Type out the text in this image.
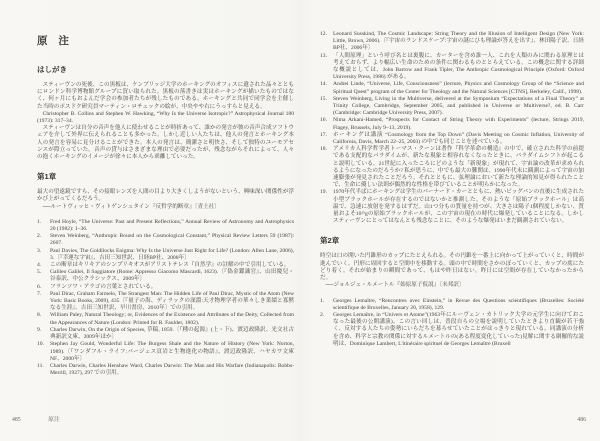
原 注
はしがき

スティーヴンの死後、この黒板は、ケンブリッジ大学のホーキングのオフィスに遺された品々とともにロンドン科学博物館グループに買い取られた。黒板の落書きは実はホーキングが描いたものではなく、何ヶ月にもおよんだ学会の参加者たちが残したものである。ホーキングと共同で同学会を主催した当時のポスドク研究員マーティン・ロチェックの絵が、中央やや右にうっすらと見える。

Christopher B. Collins and Stephen W. Hawking, “Why Is the Universe Isotropic?” Astrophysical Journal 180 (1973): 317–34.

スティーヴンは自分の音声を他人に使わせることが時折あって、誰かの発言が彼の音声合成ソフトウェアを介して外界に伝えられることも多かった。しかし近しい人たちは、他人の発言とホーキング本人の発言を容易に見分けることができた。本人の発言は、簡潔さと明快さ、そして独特のユーモアセンスが際立っていた。音声の貸与はさまざまな理由で必要だったが、残念ながらそれによって、人々の抱くホーキングのイメージが徐々に本人から乖離していった。

第1章

最大の望遠鏡ですら、その接眼レンズを人間の目より大きくしようがないという、興味深い関係性が浮かび上がってくるだろう。

──ルートヴィッヒ・ヴィトゲンシュタイン『反哲学的断章』〔青土社〕

1.	Fred Hoyle, “The Universe: Past and Present Reflections,” Annual Review of Astronomy and Astrophysics 20 (1982): 1–36.
2.	Steven Weinberg, “Anthropic Bound on the Cosmological Constant,” Physical Review Letters 59 (1987): 2607.
3.	Paul Davies, The Goldilocks Enigma: Why Is the Universe Just Right for Life? (London: Allen Lane, 2006), 3.〔『幸運な宇宙』、吉田三知世訳、日経BP社、2008年〕
4.	この断章はキリキアのシンプリキオスがアリストテレス『自然学』の註解の中で引用している。
5.	Galileo Galilei, Il Saggiatore (Rome: Appresso Giacomo Mascardi, 1623).〔『偽金鑑識官』、山田慶兒・谷泰訳、中公クラシックス、2009年〕
6.	フランソワ・アラゴの言葉とされている。
7.	Paul Dirac, Graham Farmelo, The Strangest Man: The Hidden Life of Paul Dirac, Mystic of the Atom (New York: Basic Books, 2009), 435〔『量子の海、ディラックの深淵:天才物理学者の華々しき業績と寡黙なる生涯』、吉田三知世訳、早川書房、2010年〕での引用。
8.	William Paley, Natural Theology; or, Evidences of the Existence and Attributes of the Deity, Collected from the Appearances of Nature (London: Printed for R. Faulder, 1802).
9.	Charles Darwin, On the Origin of Species, 草稿, 1859.〔『種の起源』(上・下)、渡辺政隆訳、光文社古典新訳文庫、2009年ほか〕
10.	Stephen Jay Gould, Wonderful Life: The Burgess Shale and the Nature of History (New York: Norton, 1989).〔『ワンダフル・ライフ:バージェス頁岩と生物進化の物語』、渡辺政隆訳、ハヤカワ文庫NF、2000年〕
11.	Charles Darwin, Charles Henshaw Ward, Charles Darwin: The Man and His Warfare (Indianapolis: Bobbs-Merrill, 1927), 297 での引用。
485	原注
12.	Leonard Susskind, The Cosmic Landscape: String Theory and the Illusion of Intelligent Design (New York: Little, Brown, 2006).〔『宇宙のランドスケープ:宇宙の謎にひも理論が答えを出す』、林田陽子訳、日経BP社、2006年〕
13.	「人間原理」という呼び名とは裏腹に、カーターを含め誰一人、これを人類のみに関わる原理とは考えておらず、より幅広い生命のための条件に関わるものととらえている。この概念に関する詳細な概説としては、John Barrow and Frank Tipler, The Anthropic Cosmological Principle (Oxford: Oxford University Press, 1986) がある。
14.	Andrei Linde, “Universe, Life, Consciousness” (lecture, Physics and Cosmology Group of the “Science and Spiritual Quest” program of the Center for Theology and the Natural Sciences [CTNS], Berkeley, Calif., 1998).
15.	Steven Weinberg, Living in the Multiverse, delivered at the Symposium “Expectations of a Final Theory” at Trinity College, Cambridge, September 2005, and published in Universe or Multiverse?, ed. B. Carr (Cambridge: Cambridge University Press, 2007).
16.	Nima Arkani-Hamed, “Prospects for Contact of String Theory with Experiments” (lecture, Strings 2019, Flagey, Brussels, July 9–13, 2019).
17.	ホーキングは講演 “Cosmology from the Top Down” (Davis Meeting on Cosmic Inflation, University of California, Davis, March 22–25, 2003) の中でも同じことを述べている。
18.	アメリカ人科学哲学者トーマス・クーンは著作『科学革命の構造』の中で、確立された科学の前提である支配的なパラダイムが、新たな現象と相容れなくなったときに、パラダイムシフトが起こると説明している。21世紀に入ったころにどのような「新現象」が現れて、宇宙論の改革が求められるようになったのだろうか? 私が思うに、中でも最大の難関は、1990年代末に観測によって宇宙の加速膨張が発見されたことだろう。それとともに、弦理論において新たな理論的知見が得られたことで、生命に優しい法則が偶然的な性格を帯びていることが明らかになった。
19.	1970年代半ばにホーキングは学生のバーナード・カーとともに、熱いビッグバンの直後に生成された小型ブラックホールが存在するのではないかと推測した。そのような「原始ブラックホール」は高温で、急速に放射を発するはずだ。山1つ分もの質量を持つが、大きさは陽子1個程度しかない、質量およそ10¹⁵gの原始ブラックホールが、この宇宙の現在の時代に爆発していることになる。しかしスティーヴンにとってはなんとも残念なことに、そのような爆発はいまだ観測されていない。
第2章

時空は口の開いた円錐形のカップにたとえられる。その円錐を一番上に向かって上がっていくと、時間が進んでいく。円形に周回すると空間中を移動する。頭の中で時間をさかのぼっていくと、カップの底にたどり着く。それが始まりの瞬間であって、もはや昨日はない。昨日には空間が存在していなかったからだ。

──ジョルジュ・ルメートル『始原原子仮説』〔未邦訳〕

1.	Georges Lemaître, “Rencontres avec Einstein,” in Revue des Questions scientifiques (Bruxelles: Société scientifique de Bruxelles, January 20, 1958), 129.
2.	Georges Lemaître, in “Univers et Atome”(1963年にルーヴェン・カトリック大学の元学生に向けておこなった最後の公開講演)。この言い回しは、普段自らの立場を説明していたときより直観が若干強く、反対する人たちの姿勢にいらだちを募らせていたことがはっきりと現れている。同講演の分析を含め、科学と宗教の関係に対するルメートルの(ある程度変化していった)見解に関する網羅的な説明は、Dominique Lambert, L'itinéraire spirituel de Georges Lemaître (Bruxell
486
